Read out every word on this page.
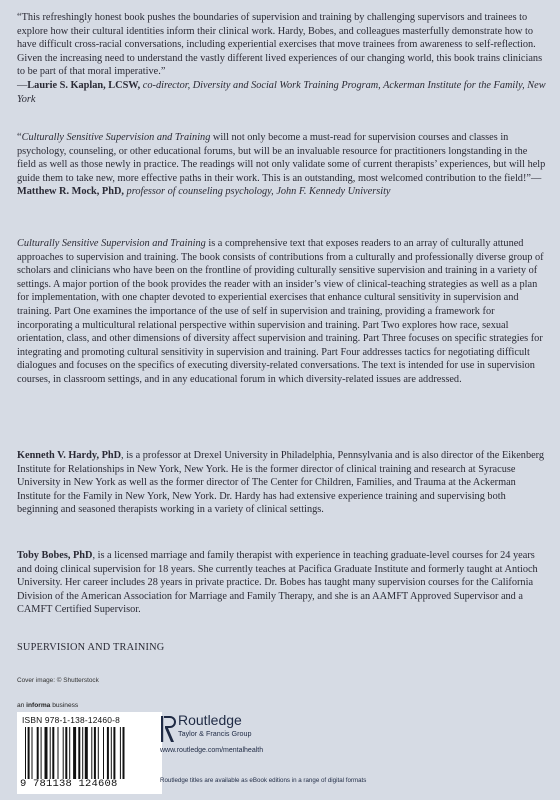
“This refreshingly honest book pushes the boundaries of supervision and training by challenging supervisors and trainees to explore how their cultural identities inform their clinical work. Hardy, Bobes, and colleagues masterfully demonstrate how to have difficult cross-racial conversations, including experiential exercises that move trainees from awareness to self-reflection. Given the increasing need to understand the vastly different lived experiences of our changing world, this book trains clinicians to be part of that moral imperative.”
—Laurie S. Kaplan, LCSW, co-director, Diversity and Social Work Training Program, Ackerman Institute for the Family, New York

“Culturally Sensitive Supervision and Training will not only become a must-read for supervision courses and classes in psychology, counseling, or other educational forums, but will be an invaluable resource for practitioners longstanding in the field as well as those newly in practice. The readings will not only validate some of current therapists’ experiences, but will help guide them to take new, more effective paths in their work. This is an outstanding, most welcomed contribution to the field!”—Matthew R. Mock, PhD, professor of counseling psychology, John F. Kennedy University

Culturally Sensitive Supervision and Training is a comprehensive text that exposes readers to an array of culturally attuned approaches to supervision and training. The book consists of contributions from a culturally and professionally diverse group of scholars and clinicians who have been on the frontline of providing culturally sensitive supervision and training in a variety of settings. A major portion of the book provides the reader with an insider’s view of clinical-teaching strategies as well as a plan for implementation, with one chapter devoted to experiential exercises that enhance cultural sensitivity in supervision and training. Part One examines the importance of the use of self in supervision and training, providing a framework for incorporating a multicultural relational perspective within supervision and training. Part Two explores how race, sexual orientation, class, and other dimensions of diversity affect supervision and training. Part Three focuses on specific strategies for integrating and promoting cultural sensitivity in supervision and training. Part Four addresses tactics for negotiating difficult dialogues and focuses on the specifics of executing diversity-related conversations. The text is intended for use in supervision courses, in classroom settings, and in any educational forum in which diversity-related issues are addressed.

Kenneth V. Hardy, PhD, is a professor at Drexel University in Philadelphia, Pennsylvania and is also director of the Eikenberg Institute for Relationships in New York, New York. He is the former director of clinical training and research at Syracuse University in New York as well as the former director of The Center for Children, Families, and Trauma at the Ackerman Institute for the Family in New York, New York. Dr. Hardy has had extensive experience training and supervising both beginning and seasoned therapists working in a variety of clinical settings.

Toby Bobes, PhD, is a licensed marriage and family therapist with experience in teaching graduate-level courses for 24 years and doing clinical supervision for 18 years. She currently teaches at Pacifica Graduate Institute and formerly taught at Antioch University. Her career includes 28 years in private practice. Dr. Bobes has taught many supervision courses for the California Division of the American Association for Marriage and Family Therapy, and she is an AAMFT Approved Supervisor and a CAMFT Certified Supervisor.

SUPERVISION AND TRAINING
Cover image: © Shutterstock
an informa business
ISBN 978-1-138-12460-8
9 781138 124608
Routledge
Taylor & Francis Group
www.routledge.com/mentalhealth
Routledge titles are available as eBook editions in a range of digital formats
